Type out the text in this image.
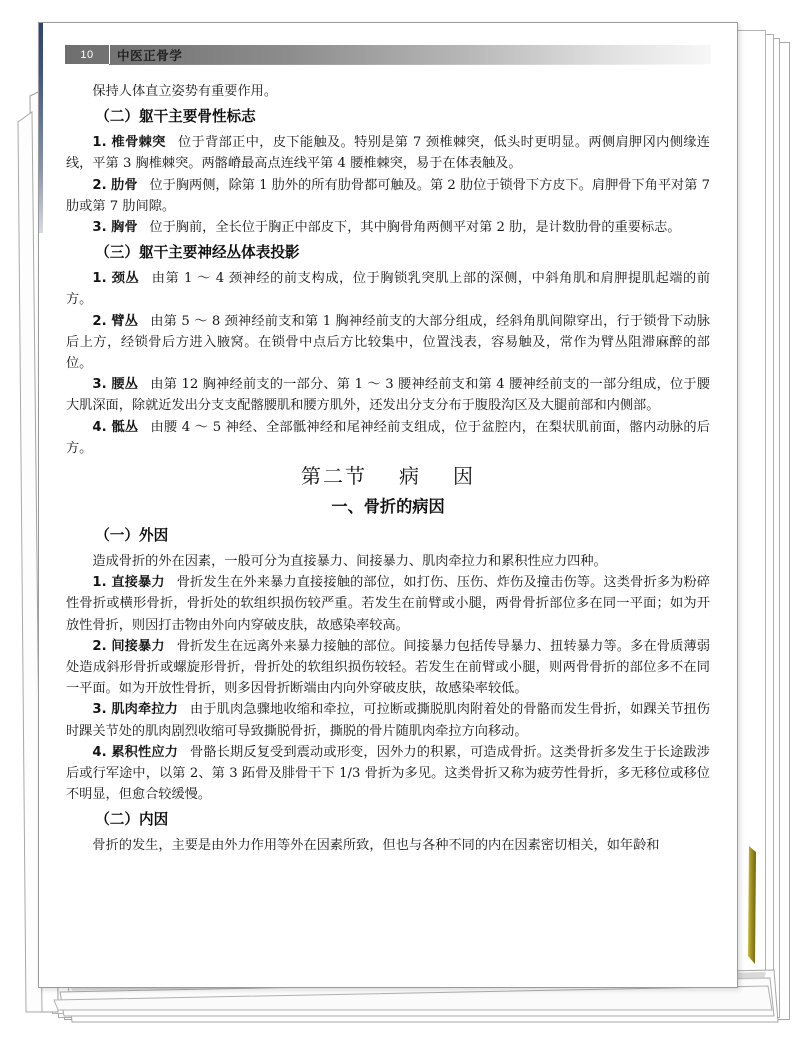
10	中医正骨学

保持人体直立姿势有重要作用。

（二）躯干主要骨性标志

1. 椎骨棘突 位于背部正中，皮下能触及。特别是第 7 颈椎棘突，低头时更明显。两侧肩胛冈内侧缘连线，平第 3 胸椎棘突。两髂嵴最高点连线平第 4 腰椎棘突，易于在体表触及。

2. 肋骨 位于胸两侧，除第 1 肋外的所有肋骨都可触及。第 2 肋位于锁骨下方皮下。肩胛骨下角平对第 7 肋或第 7 肋间隙。

3. 胸骨 位于胸前，全长位于胸正中部皮下，其中胸骨角两侧平对第 2 肋，是计数肋骨的重要标志。

（三）躯干主要神经丛体表投影

1. 颈丛 由第 1 ～ 4 颈神经的前支构成，位于胸锁乳突肌上部的深侧，中斜角肌和肩胛提肌起端的前方。

2. 臂丛 由第 5 ～ 8 颈神经前支和第 1 胸神经前支的大部分组成，经斜角肌间隙穿出，行于锁骨下动脉后上方，经锁骨后方进入腋窝。在锁骨中点后方比较集中，位置浅表，容易触及，常作为臂丛阻滞麻醉的部位。

3. 腰丛 由第 12 胸神经前支的一部分、第 1 ～ 3 腰神经前支和第 4 腰神经前支的一部分组成，位于腰大肌深面，除就近发出分支支配髂腰肌和腰方肌外，还发出分支分布于腹股沟区及大腿前部和内侧部。

4. 骶丛 由腰 4 ～ 5 神经、全部骶神经和尾神经前支组成，位于盆腔内，在梨状肌前面，髂内动脉的后方。

第二节 病 因
一、骨折的病因
（一）外因

造成骨折的外在因素，一般可分为直接暴力、间接暴力、肌肉牵拉力和累积性应力四种。

1. 直接暴力 骨折发生在外来暴力直接接触的部位，如打伤、压伤、炸伤及撞击伤等。这类骨折多为粉碎性骨折或横形骨折，骨折处的软组织损伤较严重。若发生在前臂或小腿，两骨骨折部位多在同一平面；如为开放性骨折，则因打击物由外向内穿破皮肤，故感染率较高。

2. 间接暴力 骨折发生在远离外来暴力接触的部位。间接暴力包括传导暴力、扭转暴力等。多在骨质薄弱处造成斜形骨折或螺旋形骨折，骨折处的软组织损伤较轻。若发生在前臂或小腿，则两骨骨折的部位多不在同一平面。如为开放性骨折，则多因骨折断端由内向外穿破皮肤，故感染率较低。

3. 肌肉牵拉力 由于肌肉急骤地收缩和牵拉，可拉断或撕脱肌肉附着处的骨骼而发生骨折，如踝关节扭伤时踝关节处的肌肉剧烈收缩可导致撕脱骨折，撕脱的骨片随肌肉牵拉方向移动。

4. 累积性应力 骨骼长期反复受到震动或形变，因外力的积累，可造成骨折。这类骨折多发生于长途跋涉后或行军途中，以第 2、第 3 跖骨及腓骨干下 1/3 骨折为多见。这类骨折又称为疲劳性骨折，多无移位或移位不明显，但愈合较缓慢。

（二）内因

骨折的发生，主要是由外力作用等外在因素所致，但也与各种不同的内在因素密切相关，如年龄和
